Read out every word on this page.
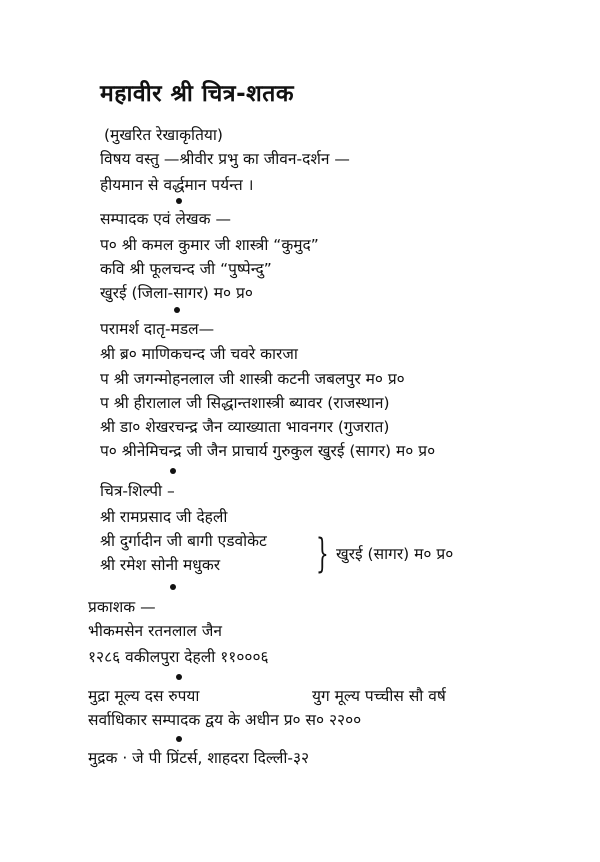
महावीर श्री चित्र-शतक
(मुखरित रेखाकृतिया)
विषय वस्तु —श्रीवीर प्रभु का जीवन-दर्शन —
हीयमान से वर्द्धमान पर्यन्त ।
सम्पादक एवं लेखक —
प० श्री कमल कुमार जी शास्त्री “कुमुद”
कवि श्री फूलचन्द जी “पुष्पेन्दु”
खुरई (जिला-सागर) म० प्र०
परामर्श दातृ-मडल—
श्री ब्र० माणिकचन्द जी चवरे कारजा
प श्री जगन्मोहनलाल जी शास्त्री कटनी जबलपुर म० प्र०
प श्री हीरालाल जी सिद्धान्तशास्त्री ब्यावर (राजस्थान)
श्री डा० शेखरचन्द्र जैन व्याख्याता भावनगर (गुजरात)
प० श्रीनेमिचन्द्र जी जैन प्राचार्य गुरुकुल खुरई (सागर) म० प्र०
चित्र-शिल्पी –
श्री रामप्रसाद जी देहली
श्री दुर्गादीन जी बागी एडवोकेट
श्री रमेश सोनी मधुकर } खुरई (सागर) म० प्र०
प्रकाशक —
भीकमसेन रतनलाल जैन
१२८६ वकीलपुरा देहली ११०००६
मुद्रा मूल्य दस रुपया	युग मूल्य पच्चीस सौ वर्ष
सर्वाधिकार सम्पादक द्वय के अधीन प्र० स० २२००
मुद्रक · जे पी प्रिंटर्स, शाहदरा दिल्ली-३२
